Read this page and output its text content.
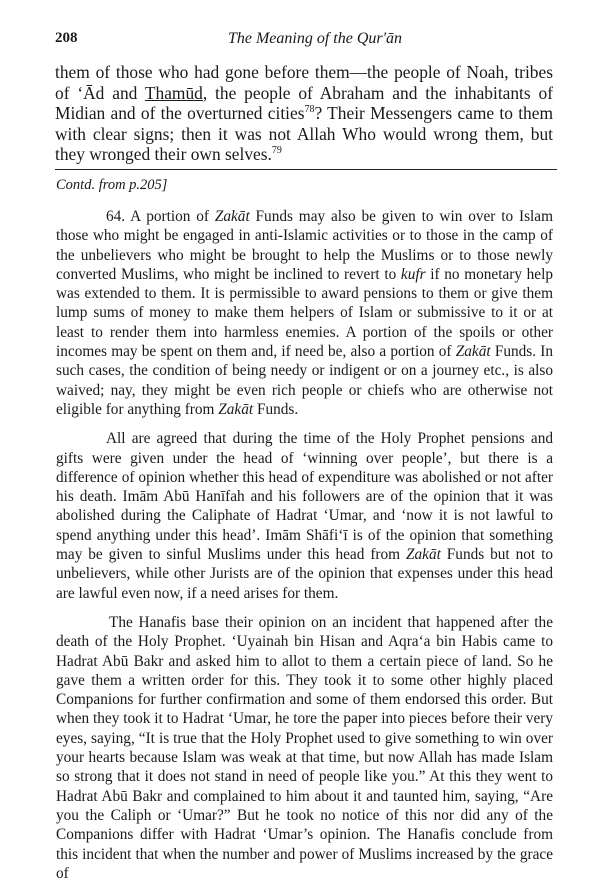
208	The Meaning of the Qur'ān

them of those who had gone before them—the people of Noah, tribes of ‘Ād and Thamūd, the people of Abraham and the inhabitants of Midian and of the overturned cities$^{78}$? Their Messengers came to them with clear signs; then it was not Allah Who would wrong them, but they wronged their own selves.$^{79}$

Contd. from p.205]

64. A portion of Zakāt Funds may also be given to win over to Islam those who might be engaged in anti-Islamic activities or to those in the camp of the unbelievers who might be brought to help the Muslims or to those newly converted Muslims, who might be inclined to revert to kufr if no monetary help was extended to them. It is permissible to award pensions to them or give them lump sums of money to make them helpers of Islam or submissive to it or at least to render them into harmless enemies. A portion of the spoils or other incomes may be spent on them and, if need be, also a portion of Zakāt Funds. In such cases, the condition of being needy or indigent or on a journey etc., is also waived; nay, they might be even rich people or chiefs who are otherwise not eligible for anything from Zakāt Funds.

All are agreed that during the time of the Holy Prophet pensions and gifts were given under the head of ‘winning over people’, but there is a difference of opinion whether this head of expenditure was abolished or not after his death. Imām Abū Hanīfah and his followers are of the opinion that it was abolished during the Caliphate of Hadrat ‘Umar, and ‘now it is not lawful to spend anything under this head’. Imām Shāfi‘ī is of the opinion that something may be given to sinful Muslims under this head from Zakāt Funds but not to unbelievers, while other Jurists are of the opinion that expenses under this head are lawful even now, if a need arises for them.

The Hanafis base their opinion on an incident that happened after the death of the Holy Prophet. ‘Uyainah bin Hisan and Aqra‘a bin Habis came to Hadrat Abū Bakr and asked him to allot to them a certain piece of land. So he gave them a written order for this. They took it to some other highly placed Companions for further confirmation and some of them endorsed this order. But when they took it to Hadrat ‘Umar, he tore the paper into pieces before their very eyes, saying, “It is true that the Holy Prophet used to give something to win over your hearts because Islam was weak at that time, but now Allah has made Islam so strong that it does not stand in need of people like you.” At this they went to Hadrat Abū Bakr and complained to him about it and taunted him, saying, “Are you the Caliph or ‘Umar?” But he took no notice of this nor did any of the Companions differ with Hadrat ‘Umar’s opinion. The Hanafis conclude from this incident that when the number and power of Muslims increased by the grace of
